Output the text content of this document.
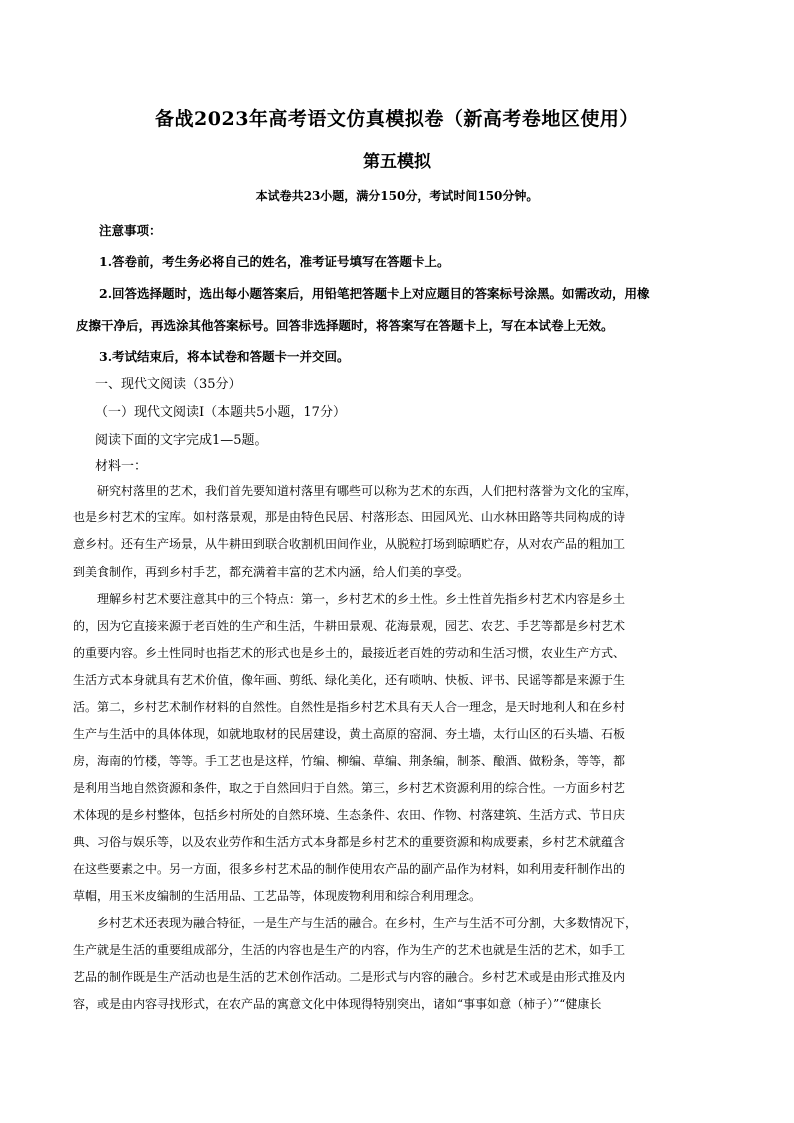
备战2023年高考语文仿真模拟卷（新高考卷地区使用）
第五模拟
本试卷共23小题，满分150分，考试时间150分钟。
注意事项：
1.答卷前，考生务必将自己的姓名，准考证号填写在答题卡上。
2.回答选择题时，选出每小题答案后，用铅笔把答题卡上对应题目的答案标号涂黑。如需改动，用橡
皮擦干净后，再选涂其他答案标号。回答非选择题时，将答案写在答题卡上，写在本试卷上无效。
3.考试结束后，将本试卷和答题卡一并交回。
一、现代文阅读（35分）
（一）现代文阅读Ⅰ（本题共5小题，17分）
阅读下面的文字完成1—5题。
材料一：
研究村落里的艺术，我们首先要知道村落里有哪些可以称为艺术的东西，人们把村落誉为文化的宝库，
也是乡村艺术的宝库。如村落景观，那是由特色民居、村落形态、田园风光、山水林田路等共同构成的诗
意乡村。还有生产场景，从牛耕田到联合收割机田间作业，从脱粒打场到晾晒贮存，从对农产品的粗加工
到美食制作，再到乡村手艺，都充满着丰富的艺术内涵，给人们美的享受。
理解乡村艺术要注意其中的三个特点：第一，乡村艺术的乡土性。乡土性首先指乡村艺术内容是乡土
的，因为它直接来源于老百姓的生产和生活，牛耕田景观、花海景观，园艺、农艺、手艺等都是乡村艺术
的重要内容。乡土性同时也指艺术的形式也是乡土的，最接近老百姓的劳动和生活习惯，农业生产方式、
生活方式本身就具有艺术价值，像年画、剪纸、绿化美化，还有唢呐、快板、评书、民谣等都是来源于生
活。第二，乡村艺术制作材料的自然性。自然性是指乡村艺术具有天人合一理念，是天时地利人和在乡村
生产与生活中的具体体现，如就地取材的民居建设，黄土高原的窑洞、夯土墙，太行山区的石头墙、石板
房，海南的竹楼，等等。手工艺也是这样，竹编、柳编、草编、荆条编，制茶、酿酒、做粉条，等等，都
是利用当地自然资源和条件，取之于自然回归于自然。第三，乡村艺术资源利用的综合性。一方面乡村艺
术体现的是乡村整体，包括乡村所处的自然环境、生态条件、农田、作物、村落建筑、生活方式、节日庆
典、习俗与娱乐等，以及农业劳作和生活方式本身都是乡村艺术的重要资源和构成要素，乡村艺术就蕴含
在这些要素之中。另一方面，很多乡村艺术品的制作使用农产品的副产品作为材料，如利用麦秆制作出的
草帽，用玉米皮编制的生活用品、工艺品等，体现废物利用和综合利用理念。
乡村艺术还表现为融合特征，一是生产与生活的融合。在乡村，生产与生活不可分割，大多数情况下，
生产就是生活的重要组成部分，生活的内容也是生产的内容，作为生产的艺术也就是生活的艺术，如手工
艺品的制作既是生产活动也是生活的艺术创作活动。二是形式与内容的融合。乡村艺术或是由形式推及内
容，或是由内容寻找形式，在农产品的寓意文化中体现得特别突出，诸如“事事如意（柿子）”“健康长
